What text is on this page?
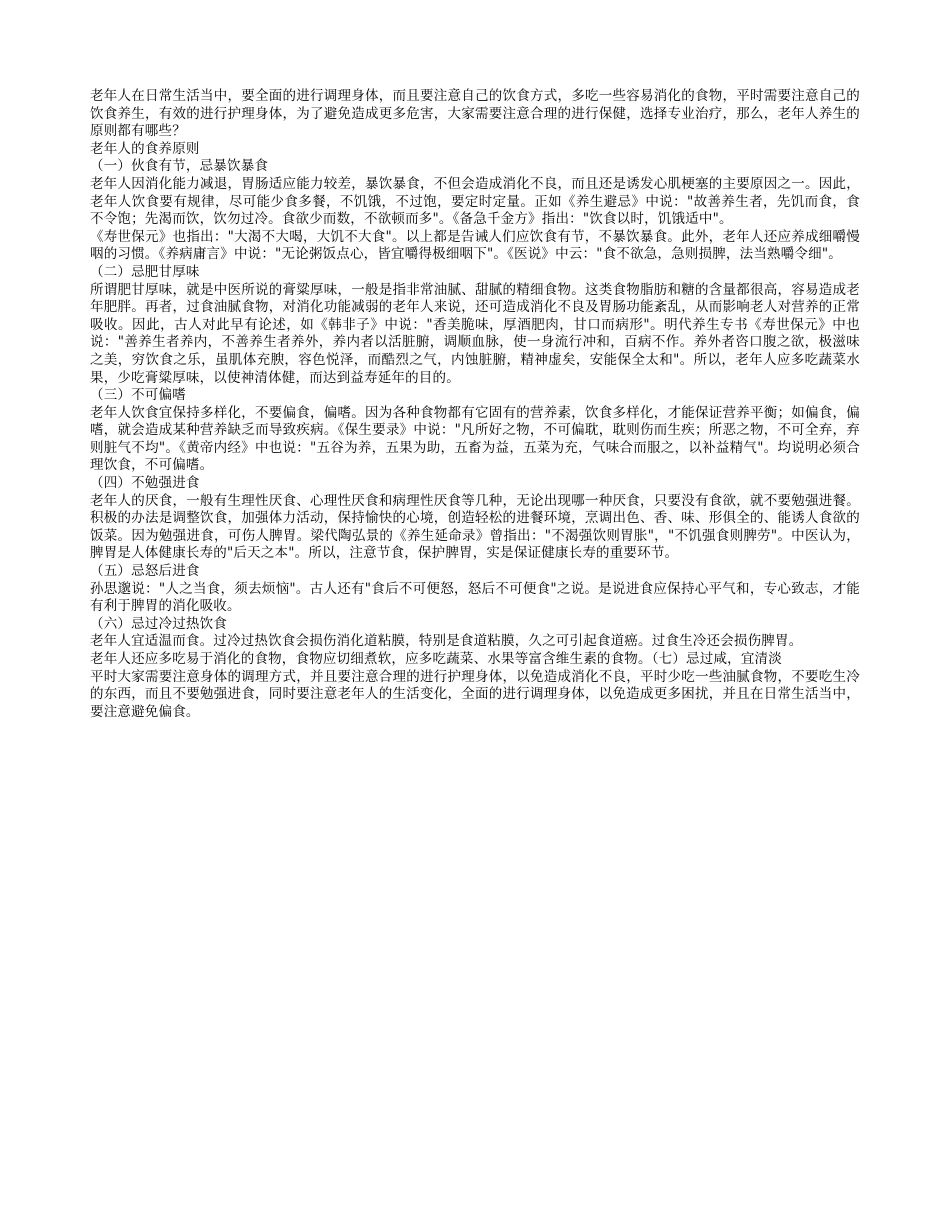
老年人在日常生活当中，要全面的进行调理身体，而且要注意自己的饮食方式，多吃一些容易消化的食物，平时需要注意自己的饮食养生，有效的进行护理身体，为了避免造成更多危害，大家需要注意合理的进行保健，选择专业治疗，那么，老年人养生的原则都有哪些？

老年人的食养原则

（一）伙食有节，忌暴饮暴食

老年人因消化能力减退，胃肠适应能力较差，暴饮暴食，不但会造成消化不良，而且还是诱发心肌梗塞的主要原因之一。因此，老年人饮食要有规律，尽可能少食多餐，不饥饿，不过饱，要定时定量。正如《养生避忌》中说："故善养生者，先饥而食，食不令饱；先渴而饮，饮勿过冷。食欲少而数，不欲顿而多"。《备急千金方》指出："饮食以时，饥饿适中"。

《寿世保元》也指出："大渴不大喝，大饥不大食"。以上都是告诫人们应饮食有节，不暴饮暴食。此外，老年人还应养成细嚼慢咽的习惯。《养病庸言》中说："无论粥饭点心，皆宜嚼得极细咽下"。《医说》中云："食不欲急，急则损脾，法当熟嚼令细"。

（二）忌肥甘厚味

所谓肥甘厚味，就是中医所说的膏粱厚味，一般是指非常油腻、甜腻的精细食物。这类食物脂肪和糖的含量都很高，容易造成老年肥胖。再者，过食油腻食物，对消化功能减弱的老年人来说，还可造成消化不良及胃肠功能紊乱，从而影响老人对营养的正常吸收。因此，古人对此早有论述，如《韩非子》中说："香美脆味，厚酒肥肉，甘口而病形"。明代养生专书《寿世保元》中也说："善养生者养内，不善养生者养外，养内者以活脏腑，调顺血脉，使一身流行冲和，百病不作。养外者咨口腹之欲，极滋味之美，穷饮食之乐，虽肌体充腴，容色悦泽，而酷烈之气，内蚀脏腑，精神虚矣，安能保全太和"。所以，老年人应多吃蔬菜水果，少吃膏粱厚味，以使神清体健，而达到益寿延年的目的。

（三）不可偏嗜

老年人饮食宜保持多样化，不要偏食，偏嗜。因为各种食物都有它固有的营养素，饮食多样化，才能保证营养平衡；如偏食，偏嗜，就会造成某种营养缺乏而导致疾病。《保生要录》中说："凡所好之物，不可偏耽，耽则伤而生疾；所恶之物，不可全弃，弃则脏气不均"。《黄帝内经》中也说："五谷为养，五果为助，五畜为益，五菜为充，气味合而服之，以补益精气"。均说明必须合理饮食，不可偏嗜。

（四）不勉强进食

老年人的厌食，一般有生理性厌食、心理性厌食和病理性厌食等几种，无论出现哪一种厌食，只要没有食欲，就不要勉强进餐。积极的办法是调整饮食，加强体力活动，保持愉快的心境，创造轻松的进餐环境，烹调出色、香、味、形俱全的、能诱人食欲的饭菜。因为勉强进食，可伤人脾胃。梁代陶弘景的《养生延命录》曾指出："不渴强饮则胃胀"，"不饥强食则脾劳"。中医认为，脾胃是人体健康长寿的"后天之本"。所以，注意节食，保护脾胃，实是保证健康长寿的重要环节。

（五）忌怒后进食

孙思邈说："人之当食，须去烦恼"。古人还有"食后不可便怒，怒后不可便食"之说。是说进食应保持心平气和，专心致志，才能有利于脾胃的消化吸收。

（六）忌过冷过热饮食

老年人宜适温而食。过冷过热饮食会损伤消化道粘膜，特别是食道粘膜，久之可引起食道癌。过食生冷还会损伤脾胃。

老年人还应多吃易于消化的食物，食物应切细煮软，应多吃蔬菜、水果等富含维生素的食物。（七）忌过咸，宜清淡

平时大家需要注意身体的调理方式，并且要注意合理的进行护理身体，以免造成消化不良，平时少吃一些油腻食物，不要吃生冷的东西，而且不要勉强进食，同时要注意老年人的生活变化，全面的进行调理身体，以免造成更多困扰，并且在日常生活当中，要注意避免偏食。
